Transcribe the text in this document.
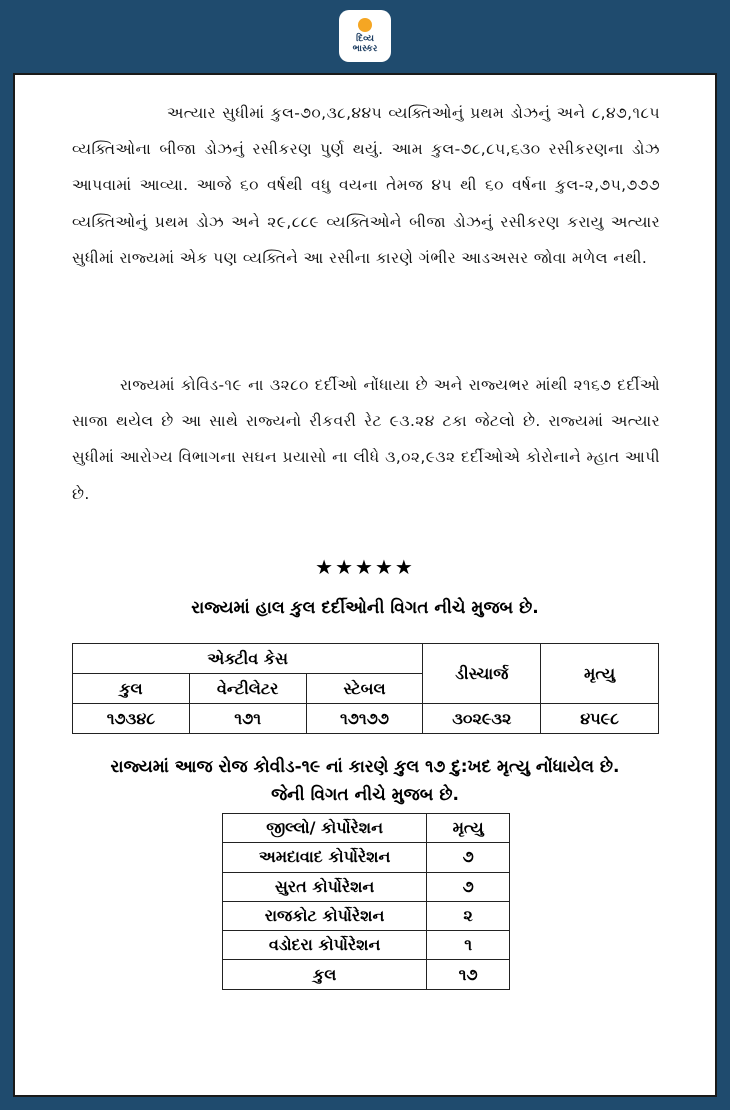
દિવ્ય
ભાસ્કર
અત્યાર સુધીમાં કુલ-૭૦,૩૮,૪૪૫ વ્યક્તિઓનું પ્રથમ ડોઝનું અને ૮,૪૭,૧૮૫ વ્યક્તિઓના બીજા ડોઝનું રસીકરણ પુર્ણ થયું. આમ કુલ-૭૮,૮૫,૬૩૦ રસીકરણના ડોઝ આપવામાં આવ્યા. આજે ૬૦ વર્ષથી વધુ વયના તેમજ ૪૫ થી ૬૦ વર્ષના કુલ-૨,૭૫,૭૭૭ વ્યક્તિઓનું પ્રથમ ડોઝ અને ૨૯,૮૮૯ વ્યક્તિઓને બીજા ડોઝનું રસીકરણ કરાયુ અત્યાર સુધીમાં રાજ્યમાં એક પણ વ્યક્તિને આ રસીના કારણે ગંભીર આડઅસર જોવા મળેલ નથી.
રાજ્યમાં કોવિડ-૧૯ ના ૩૨૮૦ દર્દીઓ નોંધાયા છે અને રાજ્યભર માંથી ૨૧૬૭ દર્દીઓ સાજા થયેલ છે આ સાથે રાજ્યનો રીકવરી રેટ ૯૩.૨૪ ટકા જેટલો છે. રાજ્યમાં અત્યાર સુધીમાં આરોગ્ય વિભાગના સઘન પ્રયાસો ના લીધે ૩,૦૨,૯૩૨ દર્દીઓએ કોરોનાને મ્હાત આપી છે.
★★★★★
રાજ્યમાં હાલ કુલ દર્દીઓની વિગત નીચે મુજબ છે.
એક્ટીવ કેસ			ડીસ્ચાર્જ	મૃત્યુ
કુલ	વેન્ટીલેટર	સ્ટેબલ		
૧૭૩૪૮	૧૭૧	૧૭૧૭૭	૩૦૨૯૩૨	૪૫૯૮
રાજ્યમાં આજ રોજ કોવીડ-૧૯ નાં કારણે કુલ ૧૭ દુ:ખદ મૃત્યુ નોંધાયેલ છે.
જેની વિગત નીચે મુજબ છે.
જીલ્લો/ કોર્પોરેશન	મૃત્યુ
અમદાવાદ કોર્પોરેશન	૭
સુરત કોર્પોરેશન	૭
રાજકોટ કોર્પોરેશન	૨
વડોદરા કોર્પોરેશન	૧
કુલ	૧૭
